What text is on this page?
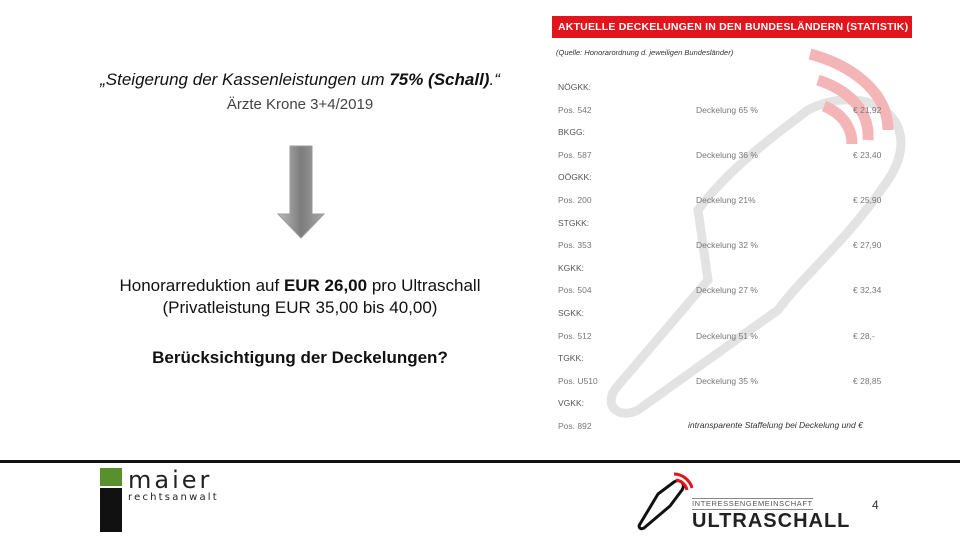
„Steigerung der Kassenleistungen um 75% (Schall).“
Ärzte Krone 3+4/2019
Honorarreduktion auf EUR 26,00 pro Ultraschall
(Privatleistung EUR 35,00 bis 40,00)
Berücksichtigung der Deckelungen?
AKTUELLE DECKELUNGEN IN DEN BUNDESLÄNDERN (STATISTIK)
(Quelle: Honorarordnung d. jeweiligen Bundesländer)
NÖGKK:
Pos. 542	Deckelung 65 %	€ 21,92
BKGG:
Pos. 587	Deckelung 36 %	€ 23,40
OÖGKK:
Pos. 200	Deckelung 21%	€ 25,90
STGKK:
Pos. 353	Deckelung 32 %	€ 27,90
KGKK:
Pos. 504	Deckelung 27 %	€ 32,34
SGKK:
Pos. 512	Deckelung 51 %	€ 28,-
TGKK:
Pos. U510	Deckelung 35 %	€ 28,85
VGKK:
Pos. 892	intransparente Staffelung bei Deckelung und €
maier
rechtsanwalt
INTERESSENGEMEINSCHAFT
ULTRASCHALL
4
